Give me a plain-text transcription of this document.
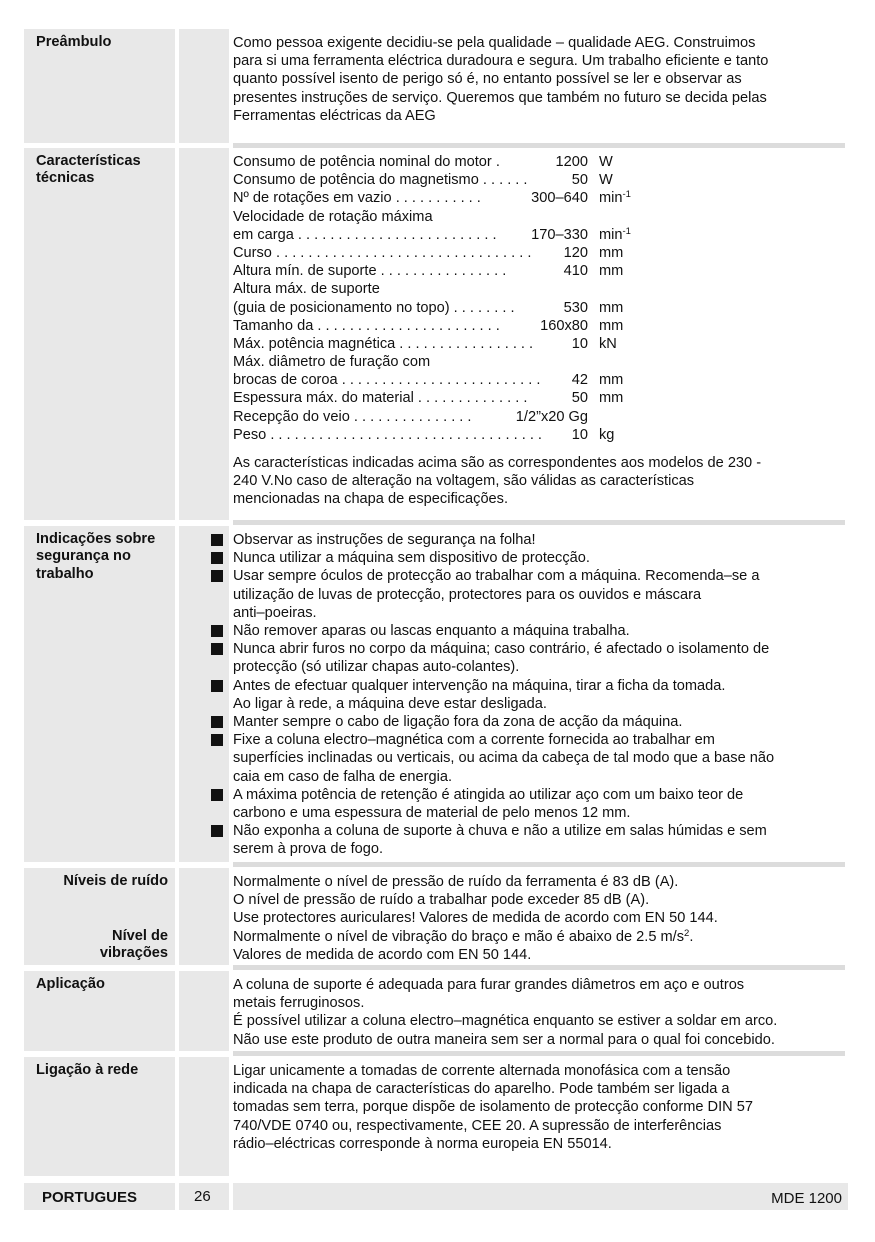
Preâmbulo	Como pessoa exigente decidiu-se pela qualidade – qualidade AEG. Construimos
para si uma ferramenta eléctrica duradoura e segura. Um trabalho eficiente e tanto
quanto possível isento de perigo só é, no entanto possível se ler e observar as
presentes instruções de serviço. Queremos que também no futuro se decida pelas
Ferramentas eléctricas da AEG
Características técnicas
Consumo de potência nominal do motor .	1200 W
Consumo de potência do magnetismo . . . . . .	50 W
Nº de rotações em vazio . . . . . . . . . . .	300–640 $\min^{-1}$
Velocidade de rotação máxima
em carga . . . . . . . . . . . . . . . . . . . . . . . . . 170–330 $\min^{-1}$
Curso . . . . . . . . . . . . . . . . . . . . . . . . . . . . . . . . 120 mm
Altura mín. de suporte . . . . . . . . . . . . . . . .	410 mm
Altura máx. de suporte
(guia de posicionamento no topo) . . . . . . . .	530 mm
Tamanho da . . . . . . . . . . . . . . . . . . . . . . .	160x80 mm
Máx. potência magnética . . . . . . . . . . . . . . . . .	10 kN
Máx. diâmetro de furação com
brocas de coroa . . . . . . . . . . . . . . . . . . . . . . . . . 42 mm
Espessura máx. do material . . . . . . . . . . . . . .	50 mm
Recepção do veio . . . . . . . . . . . . . . .	1/2”x20 Gg
Peso . . . . . . . . . . . . . . . . . . . . . . . . . . . . . . . . . . 10 kg
As características indicadas acima são as correspondentes aos modelos de 230 -
240 V.No caso de alteração na voltagem, são válidas as características
mencionadas na chapa de especificações.
Indicações sobre segurança no trabalho
Observar as instruções de segurança na folha!
Nunca utilizar a máquina sem dispositivo de protecção.
Usar sempre óculos de protecção ao trabalhar com a máquina. Recomenda–se a
utilização de luvas de protecção, protectores para os ouvidos e máscara
anti–poeiras.
Não remover aparas ou lascas enquanto a máquina trabalha.
Nunca abrir furos no corpo da máquina; caso contrário, é afectado o isolamento de
protecção (só utilizar chapas auto-colantes).
Antes de efectuar qualquer intervenção na máquina, tirar a ficha da tomada.
Ao ligar à rede, a máquina deve estar desligada.
Manter sempre o cabo de ligação fora da zona de acção da máquina.
Fixe a coluna electro–magnética com a corrente fornecida ao trabalhar em
superfícies inclinadas ou verticais, ou acima da cabeça de tal modo que a base não
caia em caso de falha de energia.
A máxima potência de retenção é atingida ao utilizar aço com um baixo teor de
carbono e uma espessura de material de pelo menos 12 mm.
Não exponha a coluna de suporte à chuva e não a utilize em salas húmidas e sem
serem à prova de fogo.
Níveis de ruído
Nível de vibrações
Normalmente o nível de pressão de ruído da ferramenta é 83 dB (A).
O nível de pressão de ruído a trabalhar pode exceder 85 dB (A).
Use protectores auriculares! Valores de medida de acordo com EN 50 144.
Normalmente o nível de vibração do braço e mão é abaixo de 2.5 $m/s^2$.
Valores de medida de acordo com EN 50 144.
Aplicação	A coluna de suporte é adequada para furar grandes diâmetros em aço e outros
metais ferruginosos.
É possível utilizar a coluna electro–magnética enquanto se estiver a soldar em arco.
Não use este produto de outra maneira sem ser a normal para o qual foi concebido.
Ligação à rede	Ligar unicamente a tomadas de corrente alternada monofásica com a tensão
indicada na chapa de características do aparelho. Pode também ser ligada a
tomadas sem terra, porque dispõe de isolamento de protecção conforme DIN 57
740/VDE 0740 ou, respectivamente, CEE 20. A supressão de interferências
rádio–eléctricas corresponde à norma europeia EN 55014.
PORTUGUES	26	MDE 1200
